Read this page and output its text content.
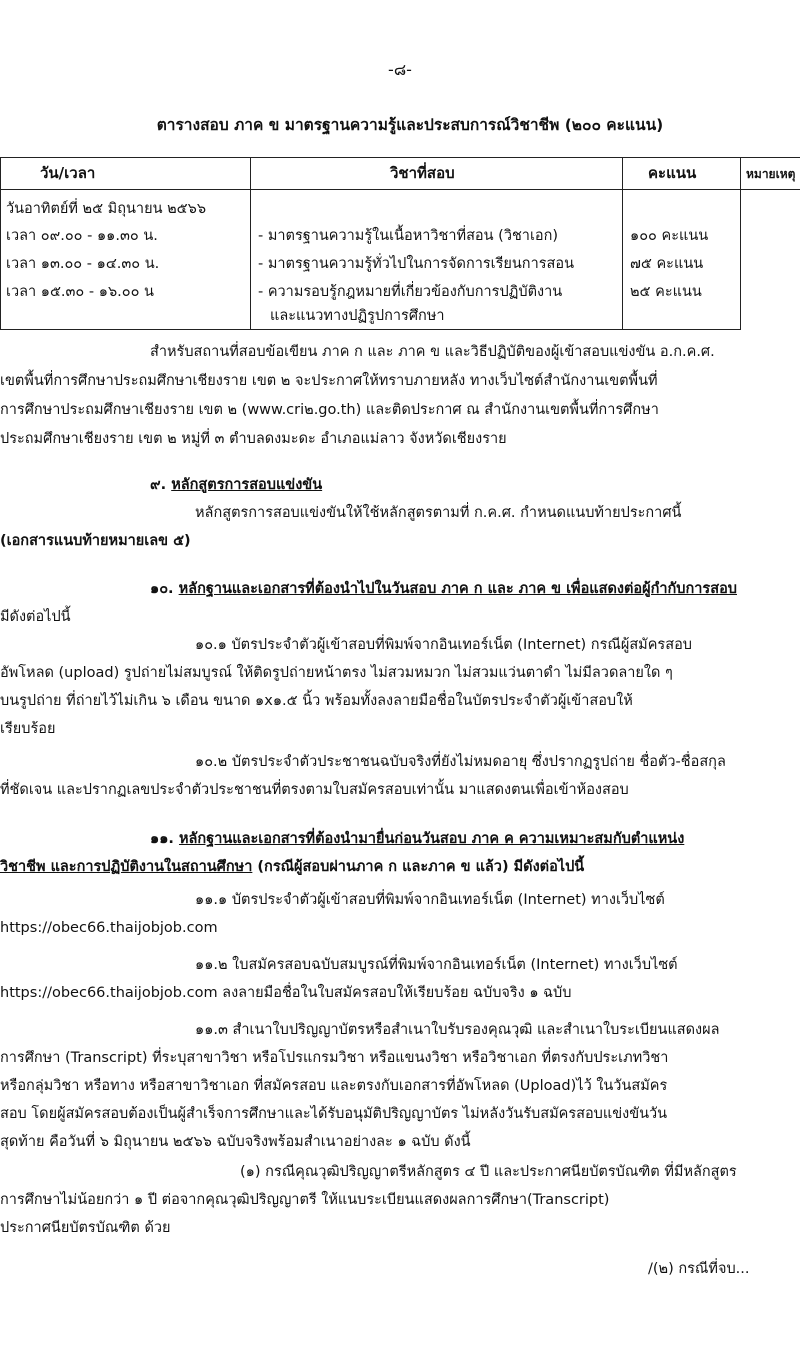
-๘-
ตารางสอบ ภาค ข มาตรฐานความรู้และประสบการณ์วิชาชีพ (๒๐๐ คะแนน)
วัน/เวลา	วิชาที่สอบ	คะแนน	หมายเหตุ
วันอาทิตย์ที่ ๒๕ มิถุนายน ๒๕๖๖
เวลา ๐๙.๐๐ - ๑๑.๓๐ น.	- มาตรฐานความรู้ในเนื้อหาวิชาที่สอน (วิชาเอก)	๑๐๐ คะแนน
เวลา ๑๓.๐๐ - ๑๔.๓๐ น.	- มาตรฐานความรู้ทั่วไปในการจัดการเรียนการสอน	๗๕ คะแนน
เวลา ๑๕.๓๐ - ๑๖.๐๐ น	- ความรอบรู้กฎหมายที่เกี่ยวข้องกับการปฏิบัติงาน	๒๕ คะแนน
และแนวทางปฏิรูปการศึกษา
สำหรับสถานที่สอบข้อเขียน ภาค ก และ ภาค ข และวิธีปฏิบัติของผู้เข้าสอบแข่งขัน อ.ก.ค.ศ.
เขตพื้นที่การศึกษาประถมศึกษาเชียงราย เขต ๒ จะประกาศให้ทราบภายหลัง ทางเว็บไซต์สำนักงานเขตพื้นที่
การศึกษาประถมศึกษาเชียงราย เขต ๒ (www.cri๒.go.th) และติดประกาศ ณ สำนักงานเขตพื้นที่การศึกษา
ประถมศึกษาเชียงราย เขต ๒ หมู่ที่ ๓ ตำบลดงมะดะ อำเภอแม่ลาว จังหวัดเชียงราย
๙. หลักสูตรการสอบแข่งขัน
หลักสูตรการสอบแข่งขันให้ใช้หลักสูตรตามที่ ก.ค.ศ. กำหนดแนบท้ายประกาศนี้
(เอกสารแนบท้ายหมายเลข ๕)
๑๐. หลักฐานและเอกสารที่ต้องนำไปในวันสอบ ภาค ก และ ภาค ข เพื่อแสดงต่อผู้กำกับการสอบ
มีดังต่อไปนี้
๑๐.๑ บัตรประจำตัวผู้เข้าสอบที่พิมพ์จากอินเทอร์เน็ต (Internet) กรณีผู้สมัครสอบ
อัพโหลด (upload) รูปถ่ายไม่สมบูรณ์ ให้ติดรูปถ่ายหน้าตรง ไม่สวมหมวก ไม่สวมแว่นตาดำ ไม่มีลวดลายใด ๆ
บนรูปถ่าย ที่ถ่ายไว้ไม่เกิน ๖ เดือน ขนาด ๑x๑.๕ นิ้ว พร้อมทั้งลงลายมือชื่อในบัตรประจำตัวผู้เข้าสอบให้
เรียบร้อย
๑๐.๒ บัตรประจำตัวประชาชนฉบับจริงที่ยังไม่หมดอายุ ซึ่งปรากฏรูปถ่าย ชื่อตัว-ชื่อสกุล
ที่ชัดเจน และปรากฏเลขประจำตัวประชาชนที่ตรงตามใบสมัครสอบเท่านั้น มาแสดงตนเพื่อเข้าห้องสอบ
๑๑. หลักฐานและเอกสารที่ต้องนำมายื่นก่อนวันสอบ ภาค ค ความเหมาะสมกับตำแหน่ง
วิชาชีพ และการปฏิบัติงานในสถานศึกษา (กรณีผู้สอบผ่านภาค ก และภาค ข แล้ว) มีดังต่อไปนี้
๑๑.๑ บัตรประจำตัวผู้เข้าสอบที่พิมพ์จากอินเทอร์เน็ต (Internet) ทางเว็บไซต์
https://obec66.thaijobjob.com
๑๑.๒ ใบสมัครสอบฉบับสมบูรณ์ที่พิมพ์จากอินเทอร์เน็ต (Internet) ทางเว็บไซต์
https://obec66.thaijobjob.com ลงลายมือชื่อในใบสมัครสอบให้เรียบร้อย ฉบับจริง ๑ ฉบับ
๑๑.๓ สำเนาใบปริญญาบัตรหรือสำเนาใบรับรองคุณวุฒิ และสำเนาใบระเบียนแสดงผล
การศึกษา (Transcript) ที่ระบุสาขาวิชา หรือโปรแกรมวิชา หรือแขนงวิชา หรือวิชาเอก ที่ตรงกับประเภทวิชา
หรือกลุ่มวิชา หรือทาง หรือสาขาวิชาเอก ที่สมัครสอบ และตรงกับเอกสารที่อัพโหลด (Upload)ไว้ ในวันสมัคร
สอบ โดยผู้สมัครสอบต้องเป็นผู้สำเร็จการศึกษาและได้รับอนุมัติปริญญาบัตร ไม่หลังวันรับสมัครสอบแข่งขันวัน
สุดท้าย คือวันที่ ๖ มิถุนายน ๒๕๖๖ ฉบับจริงพร้อมสำเนาอย่างละ ๑ ฉบับ ดังนี้
(๑) กรณีคุณวุฒิปริญญาตรีหลักสูตร ๔ ปี และประกาศนียบัตรบัณฑิต ที่มีหลักสูตร
การศึกษาไม่น้อยกว่า ๑ ปี ต่อจากคุณวุฒิปริญญาตรี ให้แนบระเบียนแสดงผลการศึกษา(Transcript)
ประกาศนียบัตรบัณฑิต ด้วย
/(๒) กรณีที่จบ...
